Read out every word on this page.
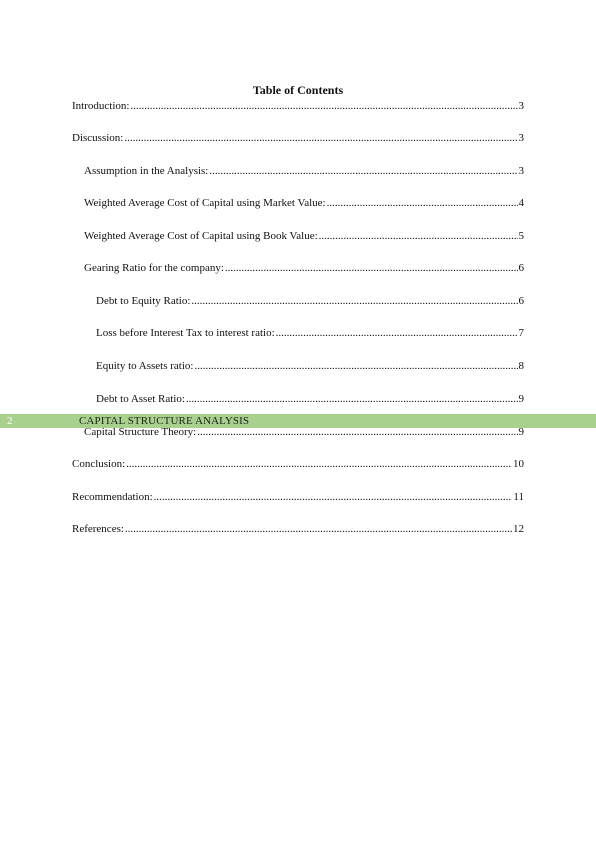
Table of Contents
Introduction: .....	3
Discussion: .....	3
Assumption in the Analysis: .....	3
Weighted Average Cost of Capital using Market Value: .....	4
Weighted Average Cost of Capital using Book Value: .....	5
Gearing Ratio for the company: .....	6
Debt to Equity Ratio: .....	6
Loss before Interest Tax to interest ratio: .....	7
Equity to Assets ratio: .....	8
Debt to Asset Ratio: .....	9
2	CAPITAL STRUCTURE ANALYSIS
Capital Structure Theory: .....	9
Conclusion: .....	10
Recommendation: .....	11
References: .....	12
